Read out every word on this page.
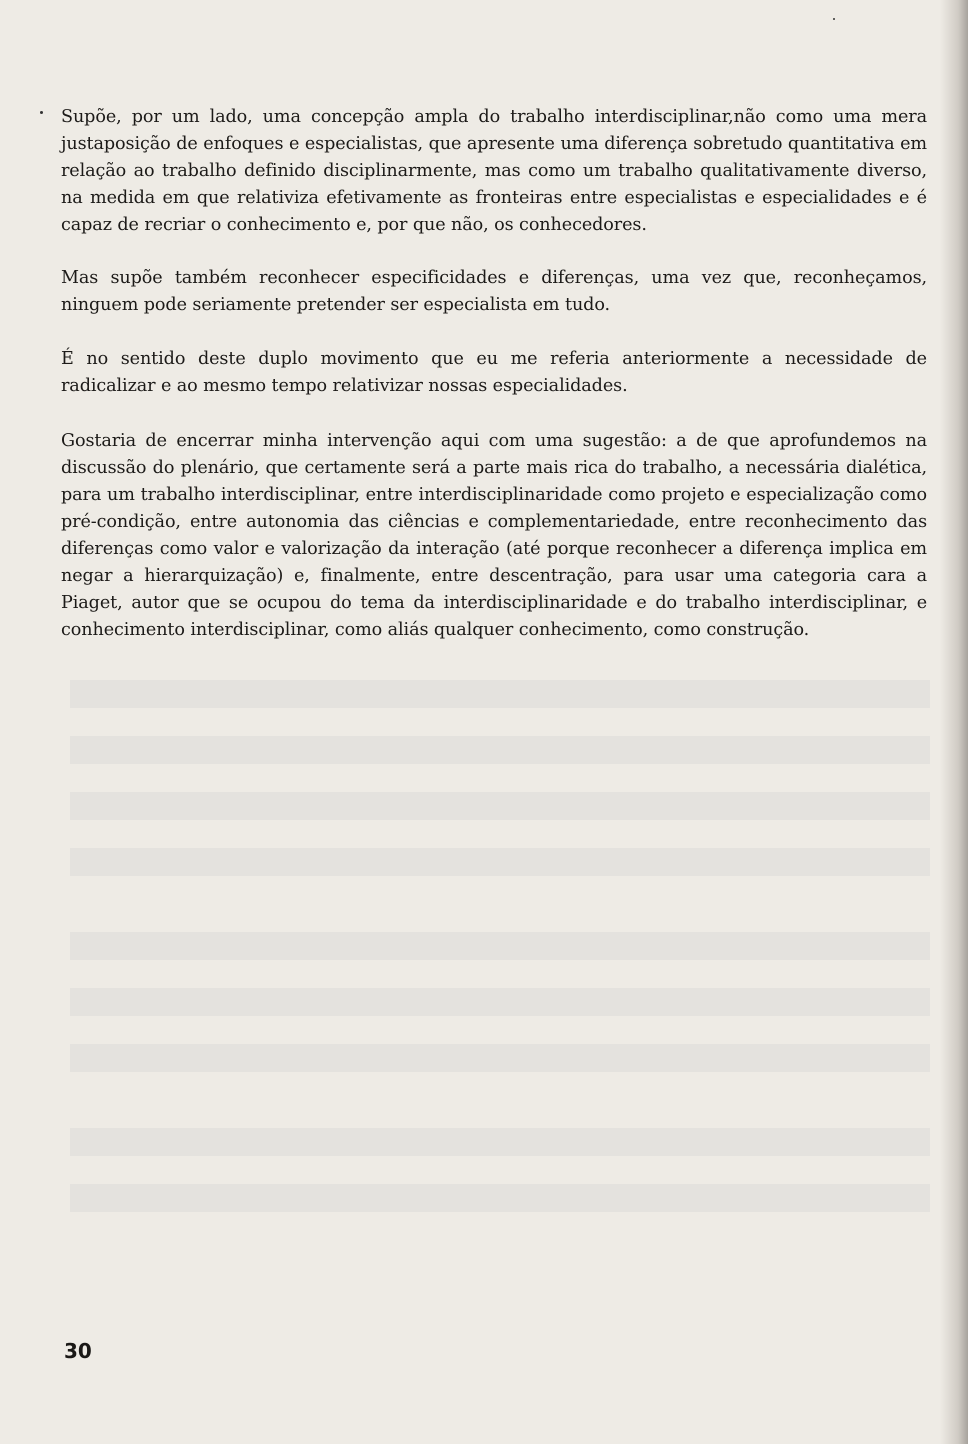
Supõe, por um lado, uma concepção ampla do trabalho interdisciplinar,não como uma mera justaposição de enfoques e especialistas, que apresente uma diferença sobretudo quantitativa em relação ao trabalho definido disciplinarmente, mas como um trabalho qualitativamente diverso, na medida em que relativiza efetivamente as fronteiras entre especialistas e especialidades e é capaz de recriar o conhecimento e, por que não, os conhecedores.

Mas supõe também reconhecer especificidades e diferenças, uma vez que, reconheçamos, ninguem pode seriamente pretender ser especialista em tudo.

É no sentido deste duplo movimento que eu me referia anteriormente a necessidade de radicalizar e ao mesmo tempo relativizar nossas especialidades.

Gostaria de encerrar minha intervenção aqui com uma sugestão: a de que aprofundemos na discussão do plenário, que certamente será a parte mais rica do trabalho, a necessária dialética, para um trabalho interdisciplinar, entre interdisciplinaridade como projeto e especialização como pré-condição, entre autonomia das ciências e complementariedade, entre reconhecimento das diferenças como valor e valorização da interação (até porque reconhecer a diferença implica em negar a hierarquização) e, finalmente, entre descentração, para usar uma categoria cara a Piaget, autor que se ocupou do tema da interdisciplinaridade e do trabalho interdisciplinar, e conhecimento interdisciplinar, como aliás qualquer conhecimento, como construção.

30
